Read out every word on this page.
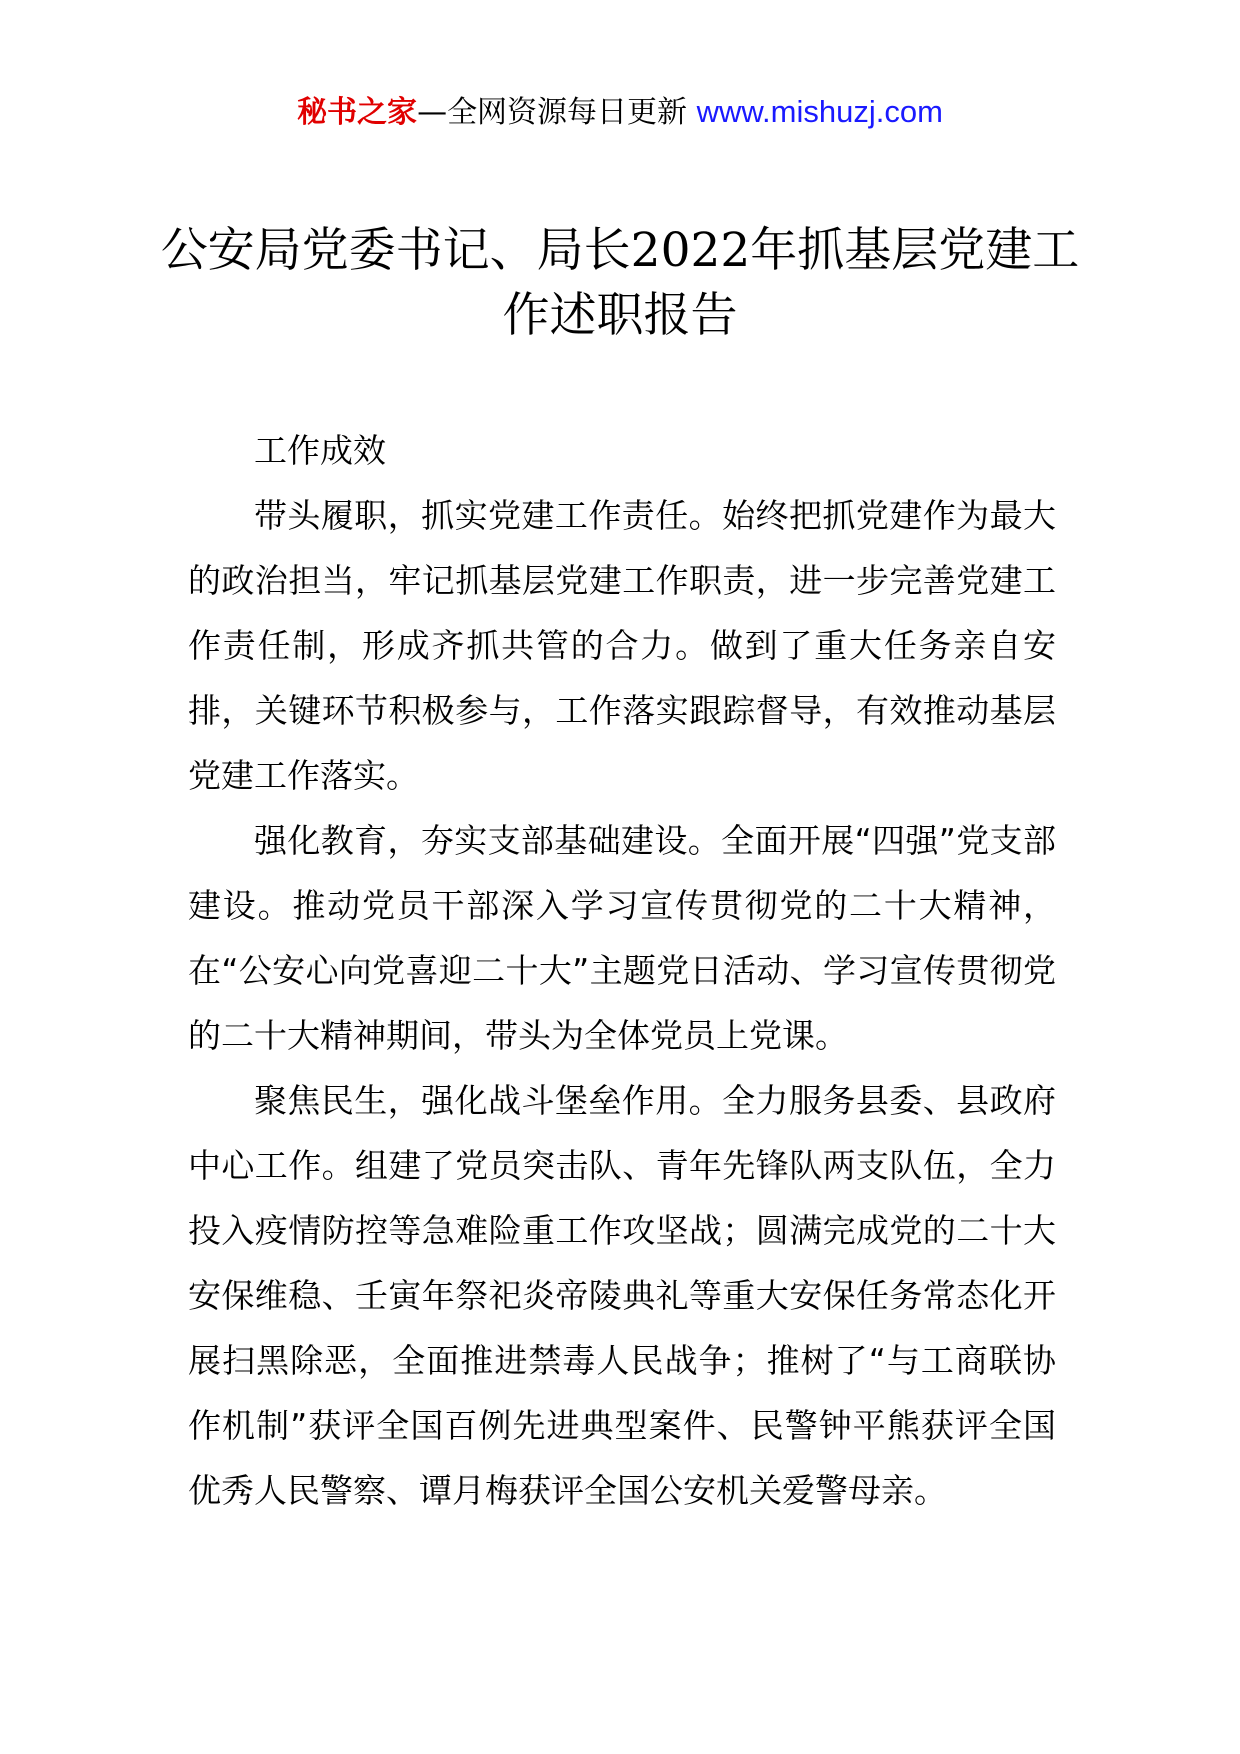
秘书之家—全网资源每日更新 www.mishuzj.com
公安局党委书记、局长2022年抓基层党建工作述职报告

工作成效

带头履职，抓实党建工作责任。始终把抓党建作为最大的政治担当，牢记抓基层党建工作职责，进一步完善党建工作责任制，形成齐抓共管的合力。做到了重大任务亲自安排，关键环节积极参与，工作落实跟踪督导，有效推动基层党建工作落实。

强化教育，夯实支部基础建设。全面开展“四强”党支部建设。推动党员干部深入学习宣传贯彻党的二十大精神，在“公安心向党喜迎二十大”主题党日活动、学习宣传贯彻党的二十大精神期间，带头为全体党员上党课。

聚焦民生，强化战斗堡垒作用。全力服务县委、县政府中心工作。组建了党员突击队、青年先锋队两支队伍，全力投入疫情防控等急难险重工作攻坚战；圆满完成党的二十大安保维稳、壬寅年祭祀炎帝陵典礼等重大安保任务常态化开展扫黑除恶，全面推进禁毒人民战争；推树了“与工商联协作机制”获评全国百例先进典型案件、民警钟平熊获评全国优秀人民警察、谭月梅获评全国公安机关爱警母亲。
